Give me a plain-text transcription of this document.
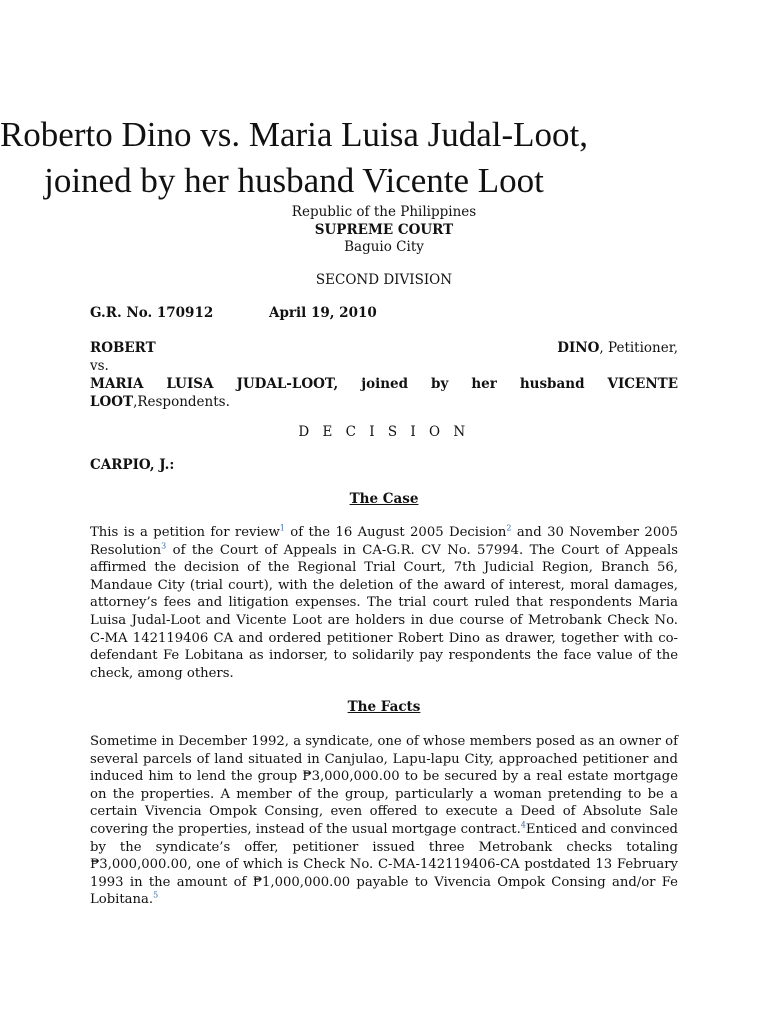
Roberto Dino vs. Maria Luisa Judal-Loot,
joined by her husband Vicente Loot
Republic of the Philippines
SUPREME COURT
Baguio City
SECOND DIVISION
G.R. No. 170912	April 19, 2010
ROBERT	DINO, Petitioner,
vs.
MARIA LUISA JUDAL-LOOT, joined by her husband VICENTE
LOOT,Respondents.
D E C I S I O N
CARPIO, J.:
The Case
This is a petition for review$^1$ of the 16 August 2005 Decision$^2$ and 30 November 2005 Resolution$^3$ of the Court of Appeals in CA-G.R. CV No. 57994. The Court of Appeals affirmed the decision of the Regional Trial Court, 7th Judicial Region, Branch 56, Mandaue City (trial court), with the deletion of the award of interest, moral damages, attorney’s fees and litigation expenses. The trial court ruled that respondents Maria Luisa Judal-Loot and Vicente Loot are holders in due course of Metrobank Check No. C-MA 142119406 CA and ordered petitioner Robert Dino as drawer, together with co-defendant Fe Lobitana as indorser, to solidarily pay respondents the face value of the check, among others.
The Facts
Sometime in December 1992, a syndicate, one of whose members posed as an owner of several parcels of land situated in Canjulao, Lapu-lapu City, approached petitioner and induced him to lend the group ₱3,000,000.00 to be secured by a real estate mortgage on the properties. A member of the group, particularly a woman pretending to be a certain Vivencia Ompok Consing, even offered to execute a Deed of Absolute Sale covering the properties, instead of the usual mortgage contract.$^4$Enticed and convinced by the syndicate’s offer, petitioner issued three Metrobank checks totaling ₱3,000,000.00, one of which is Check No. C-MA-142119406-CA postdated 13 February 1993 in the amount of ₱1,000,000.00 payable to Vivencia Ompok Consing and/or Fe Lobitana.$^5$
